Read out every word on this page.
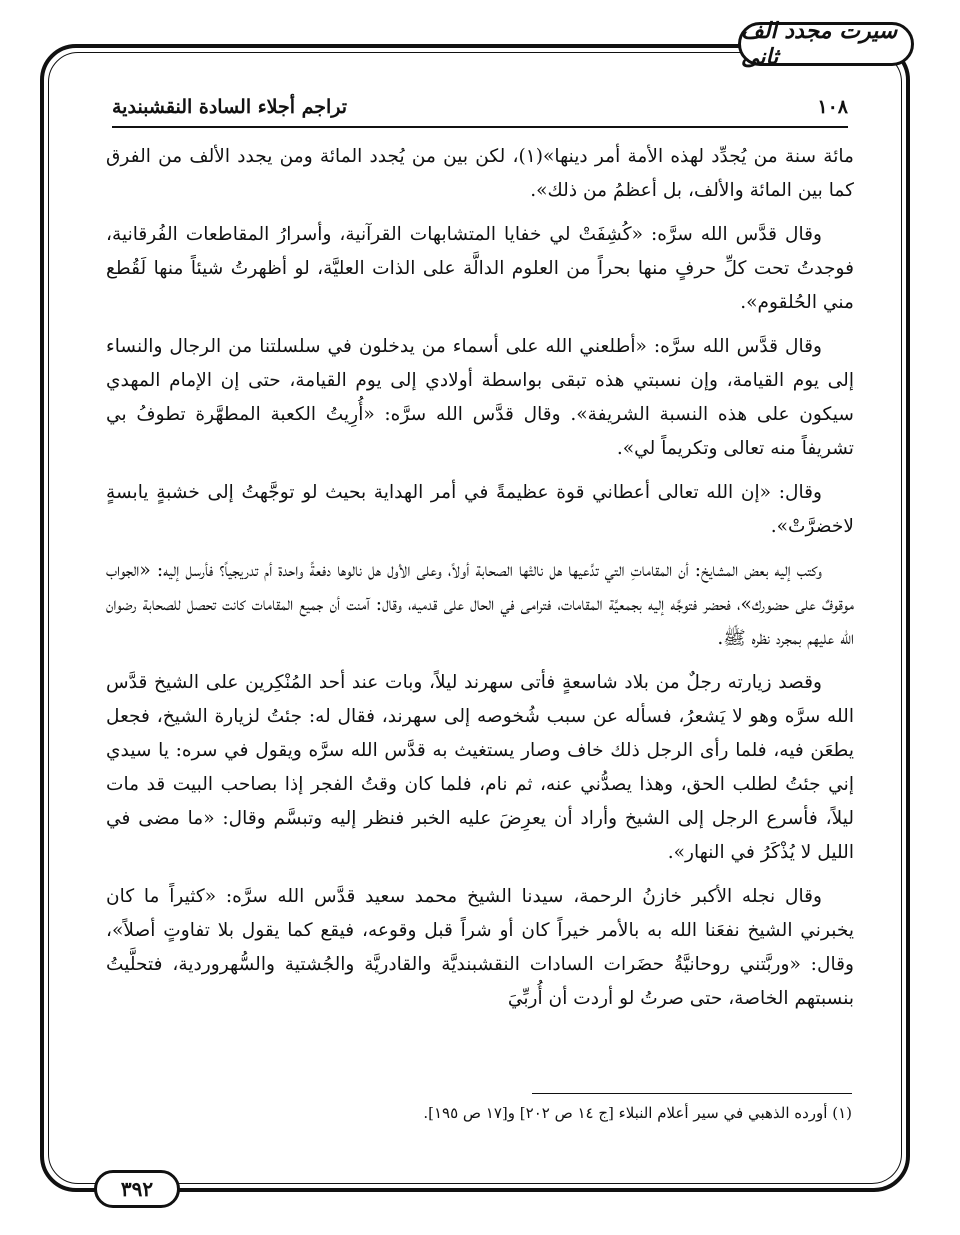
سیرت مجدد الف ثانی
تراجم أجلاء السادة النقشبندية	١٠٨

مائة سنة من يُجدِّد لهذه الأمة أمر دينها»(١)، لكن بين من يُجدد المائة ومن يجدد الألف من الفرق كما بين المائة والألف، بل أعظمُ من ذلك».

وقال قدَّس الله سرَّه: «كُشِفَتْ لي خفايا المتشابهات القرآنية، وأسرارُ المقاطعات الفُرقانية، فوجدتُ تحت كلِّ حرفٍ منها بحراً من العلوم الدالَّة على الذات العليَّة، لو أظهرتُ شيئاً منها لَقُطع مني الحُلقوم».

وقال قدَّس الله سرَّه: «أطلعني الله على أسماء من يدخلون في سلسلتنا من الرجال والنساء إلى يوم القيامة، وإن نسبتي هذه تبقى بواسطة أولادي إلى يوم القيامة، حتى إن الإمام المهدي سيكون على هذه النسبة الشريفة». وقال قدَّس الله سرَّه: «أُرِيتُ الكعبة المطهَّرة تطوفُ بي تشريفاً منه تعالى وتكريماً لي».

وقال: «إن الله تعالى أعطاني قوة عظيمةً في أمر الهداية بحيث لو توجَّهتُ إلى خشبةٍ يابسةٍ لاخضرَّتْ».

وكتب إليه بعض المشايخ: أن المقاماتِ التي تدَّعيها هل نالتْها الصحابة أولاً، وعلى الأول هل نالوها دفعةً واحدة أم تدريجياً؟ فأرسل إليه: «الجواب موقوفٌ على حضورك»، فحضر فتوجَّه إليه بجمعيَّة المقامات، فترامى في الحال على قدميه، وقال: آمنت أن جميع المقامات كانت تحصل للصحابة رضوان الله عليهم بمجرد نظره ﷺ.

وقصد زيارته رجلٌ من بلاد شاسعةٍ فأتى سهرند ليلاً، وبات عند أحد المُنْكِرين على الشيخ قدَّس الله سرَّه وهو لا يَشعرُ، فسأله عن سبب شُخوصه إلى سهرند، فقال له: جئتُ لزيارة الشيخ، فجعل يطعَن فيه، فلما رأى الرجل ذلك خاف وصار يستغيث به قدَّس الله سرَّه ويقول في سره: يا سيدي إني جئتُ لطلب الحق، وهذا يصدُّني عنه، ثم نام، فلما كان وقتُ الفجر إذا بصاحب البيت قد مات ليلاً، فأسرع الرجل إلى الشيخ وأراد أن يعرِضَ عليه الخبر فنظر إليه وتبسَّم وقال: «ما مضى في الليل لا يُذْكَرُ في النهار».

وقال نجله الأكبر خازنُ الرحمة، سيدنا الشيخ محمد سعيد قدَّس الله سرَّه: «كثيراً ما كان يخبرني الشيخ نفعَنا الله به بالأمر خيراً كان أو شراً قبل وقوعه، فيقع كما يقول بلا تفاوتٍ أصلاً»، وقال: «وربَّتني روحانيَّةُ حضَرات السادات النقشبنديَّة والقادريَّة والجُشتية والسُّهروردية، فتحلَّيتُ بنسبتهم الخاصة، حتى صرتُ لو أردت أن أُربِّيَ

(١) أورده الذهبي في سير أعلام النبلاء [ج ١٤ ص ٢٠٢] و[١٧ ص ١٩٥].
٣٩٢
